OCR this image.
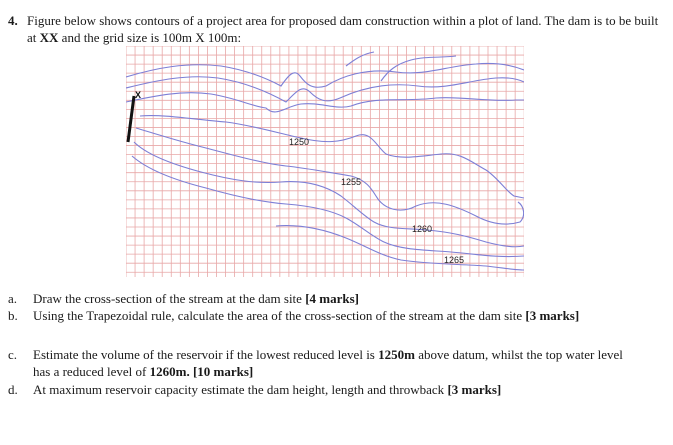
4. Figure below shows contours of a project area for proposed dam construction within a plot of land. The dam is to be built at XX and the grid size is 100m X 100m:
X
1250
1255
1260
1265
a. Draw the cross-section of the stream at the dam site [4 marks]
b. Using the Trapezoidal rule, calculate the area of the cross-section of the stream at the dam site [3 marks]
c. Estimate the volume of the reservoir if the lowest reduced level is 1250m above datum, whilst the top water level has a reduced level of 1260m. [10 marks]
d. At maximum reservoir capacity estimate the dam height, length and throwback [3 marks]
